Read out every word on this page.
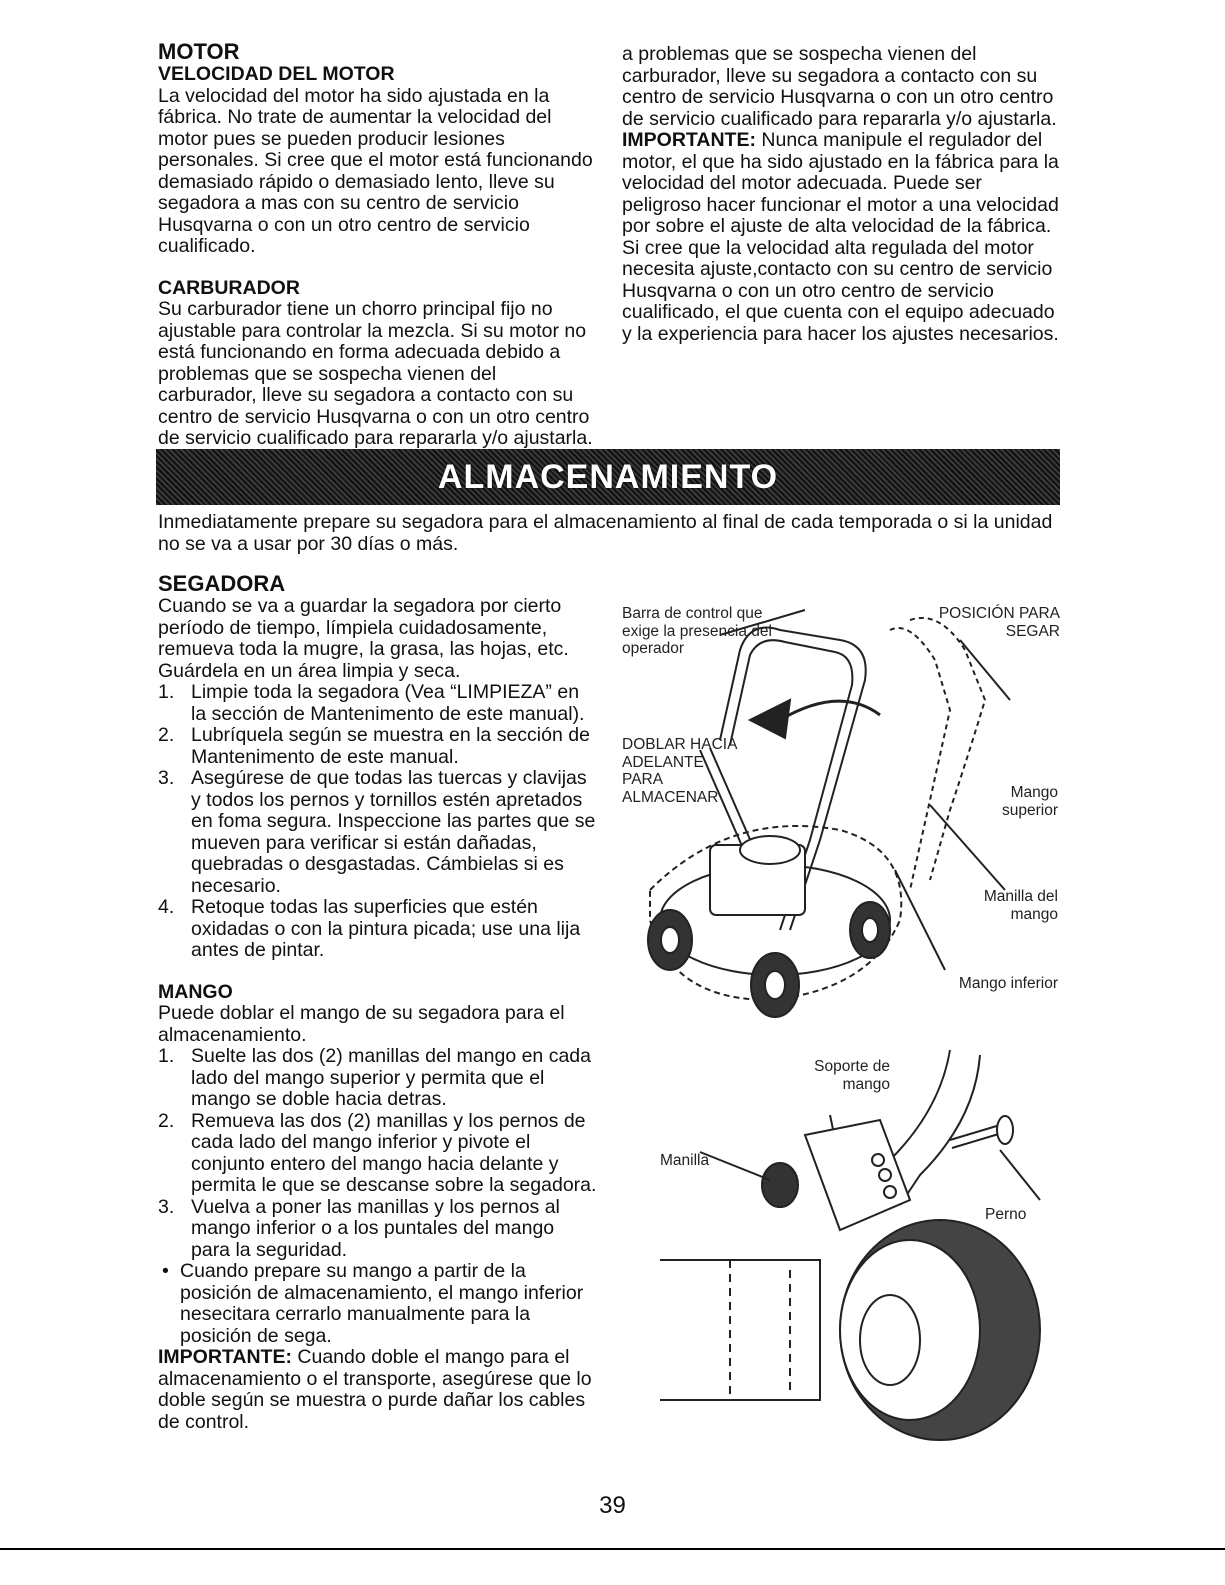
MOTOR
VELOCIDAD DEL MOTOR

La velocidad del motor ha sido ajustada en la fábrica. No trate de aumentar la velocidad del motor pues se pueden producir lesiones personales. Si cree que el motor está funcionando demasiado rápido o demasiado lento, lleve su segadora a mas con su centro de servicio Husqvarna o con un otro centro de servicio cualificado.

CARBURADOR

Su carburador tiene un chorro principal fijo no ajustable para controlar la mezcla. Si su motor no está funcionando en forma adecuada debido a problemas que se sospecha vienen del carburador, lleve su segadora a contacto con su centro de servicio Husqvarna o con un otro centro de servicio cualificado para repararla y/o ajustarla.

a problemas que se sospecha vienen del carburador, lleve su segadora a contacto con su centro de servicio Husqvarna o con un otro centro de servicio cualificado para repararla y/o ajustarla.

IMPORTANTE: Nunca manipule el regulador del motor, el que ha sido ajustado en la fábrica para la velocidad del motor adecuada. Puede ser peligroso hacer funcionar el motor a una velocidad por sobre el ajuste de alta velocidad de la fábrica. Si cree que la velocidad alta regulada del motor necesita ajuste,contacto con su centro de servicio Husqvarna o con un otro centro de servicio cualificado, el que cuenta con el equipo adecuado y la experiencia para hacer los ajustes necesarios.

ALMACENAMIENTO
Inmediatamente prepare su segadora para el almacenamiento al final de cada temporada o si la unidad no se va a usar por 30 días o más.
SEGADORA

Cuando se va a guardar la segadora por cierto período de tiempo, límpiela cuidadosamente, remueva toda la mugre, la grasa, las hojas, etc. Guárdela en un área limpia y seca.

1. Limpie toda la segadora (Vea “LIMPIEZA” en la sección de Mantenimento de este manual).
2. Lubríquela según se muestra en la sección de Mantenimento de este manual.
3. Asegúrese de que todas las tuercas y clavijas y todos los pernos y tornillos estén apretados en foma segura. Inspeccione las partes que se mueven para verificar si están dañadas, quebradas o desgastadas. Cámbielas si es necesario.
4. Retoque todas las superficies que estén oxidadas o con la pintura picada; use una lija antes de pintar.
MANGO

Puede doblar el mango de su segadora para el almacenamiento.

1. Suelte las dos (2) manillas del mango en cada lado del mango superior y permita que el mango se doble hacia detras.
2. Remueva las dos (2) manillas y los pernos de cada lado del mango inferior y pivote el conjunto entero del mango hacia delante y permita le que se descanse sobre la segadora.
3. Vuelva a poner las manillas y los pernos al mango inferior o a los puntales del mango para la seguridad.
• Cuando prepare su mango a partir de la posición de almacenamiento, el mango inferior nesecitara cerrarlo manualmente para la posición de sega.

IMPORTANTE: Cuando doble el mango para el almacenamiento o el transporte, asegúrese que lo doble según se muestra o purde dañar los cables de control.

Barra de control que exige la presencia del operador
POSICIÓN PARA SEGAR
DOBLAR HACIA ADELANTE PARA ALMACENAR	Mango superior
Manilla del mango
Mango inferior
Soporte de mango
Manilla
Perno
39
